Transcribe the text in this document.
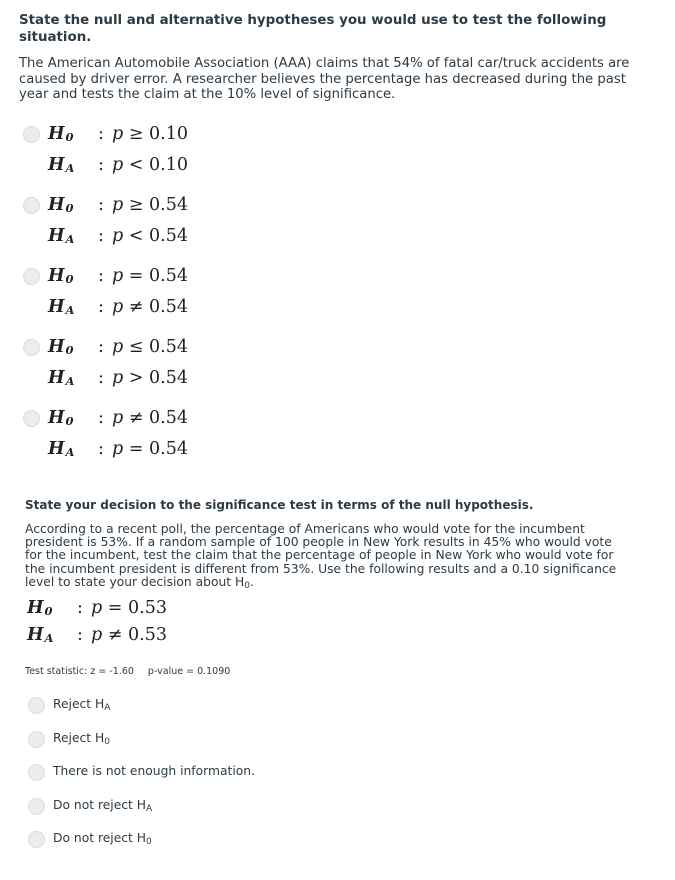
State the null and alternative hypotheses you would use to test the following situation.
The American Automobile Association (AAA) claims that 54% of fatal car/truck accidents are caused by driver error. A researcher believes the percentage has decreased during the past year and tests the claim at the 10% level of significance.
$H_0$ : p ≥ 0.10
$H_A$ : p < 0.10
$H_0$ : p ≥ 0.54
$H_A$ : p < 0.54
$H_0$ : p = 0.54
$H_A$ : p ≠ 0.54
$H_0$ : p ≤ 0.54
$H_A$ : p > 0.54
$H_0$ : p ≠ 0.54
$H_A$ : p = 0.54
State your decision to the significance test in terms of the null hypothesis.
According to a recent poll, the percentage of Americans who would vote for the incumbent president is 53%. If a random sample of 100 people in New York results in 45% who would vote for the incumbent, test the claim that the percentage of people in New York who would vote for the incumbent president is different from 53%. Use the following results and a 0.10 significance level to state your decision about H0.
$H_0$ : p = 0.53
$H_A$ : p ≠ 0.53
Test statistic: z = -1.60 p-value = 0.1090
Reject HA
Reject H0
There is not enough information.
Do not reject HA
Do not reject H0
